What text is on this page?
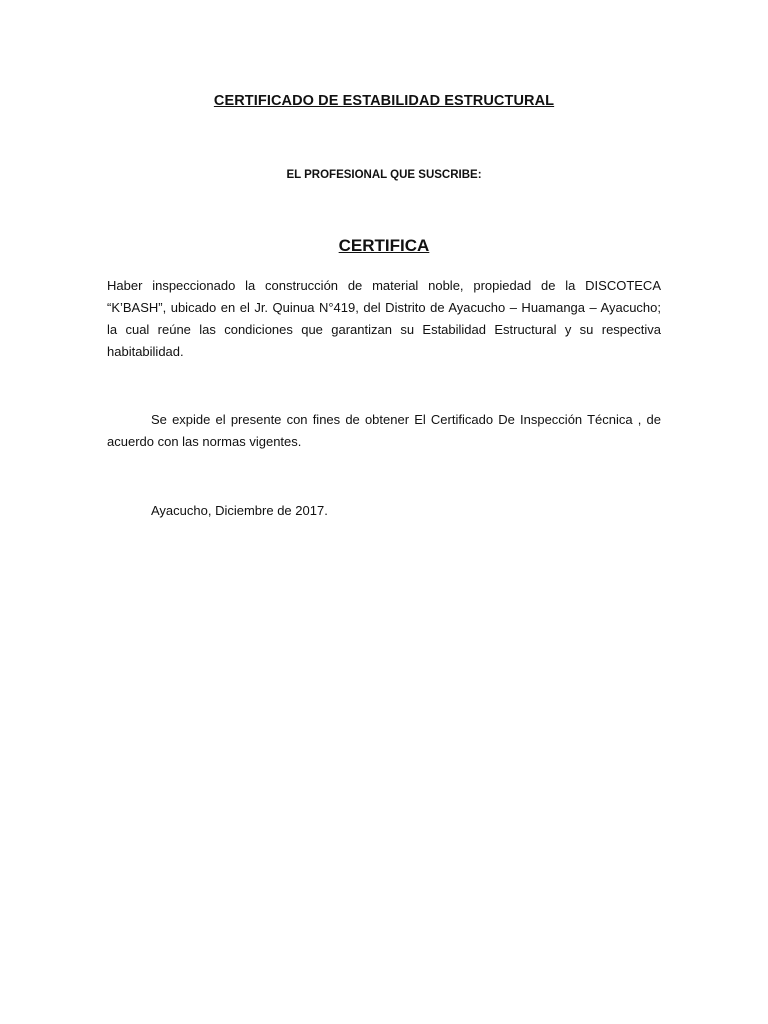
CERTIFICADO DE ESTABILIDAD ESTRUCTURAL

EL PROFESIONAL QUE SUSCRIBE:

CERTIFICA

Haber inspeccionado la construcción de material noble, propiedad de la DISCOTECA “K’BASH”, ubicado en el Jr. Quinua N°419, del Distrito de Ayacucho – Huamanga – Ayacucho; la cual reúne las condiciones que garantizan su Estabilidad Estructural y su respectiva habitabilidad.

Se expide el presente con fines de obtener El Certificado De Inspección Técnica , de acuerdo con las normas vigentes.

Ayacucho, Diciembre de 2017.
